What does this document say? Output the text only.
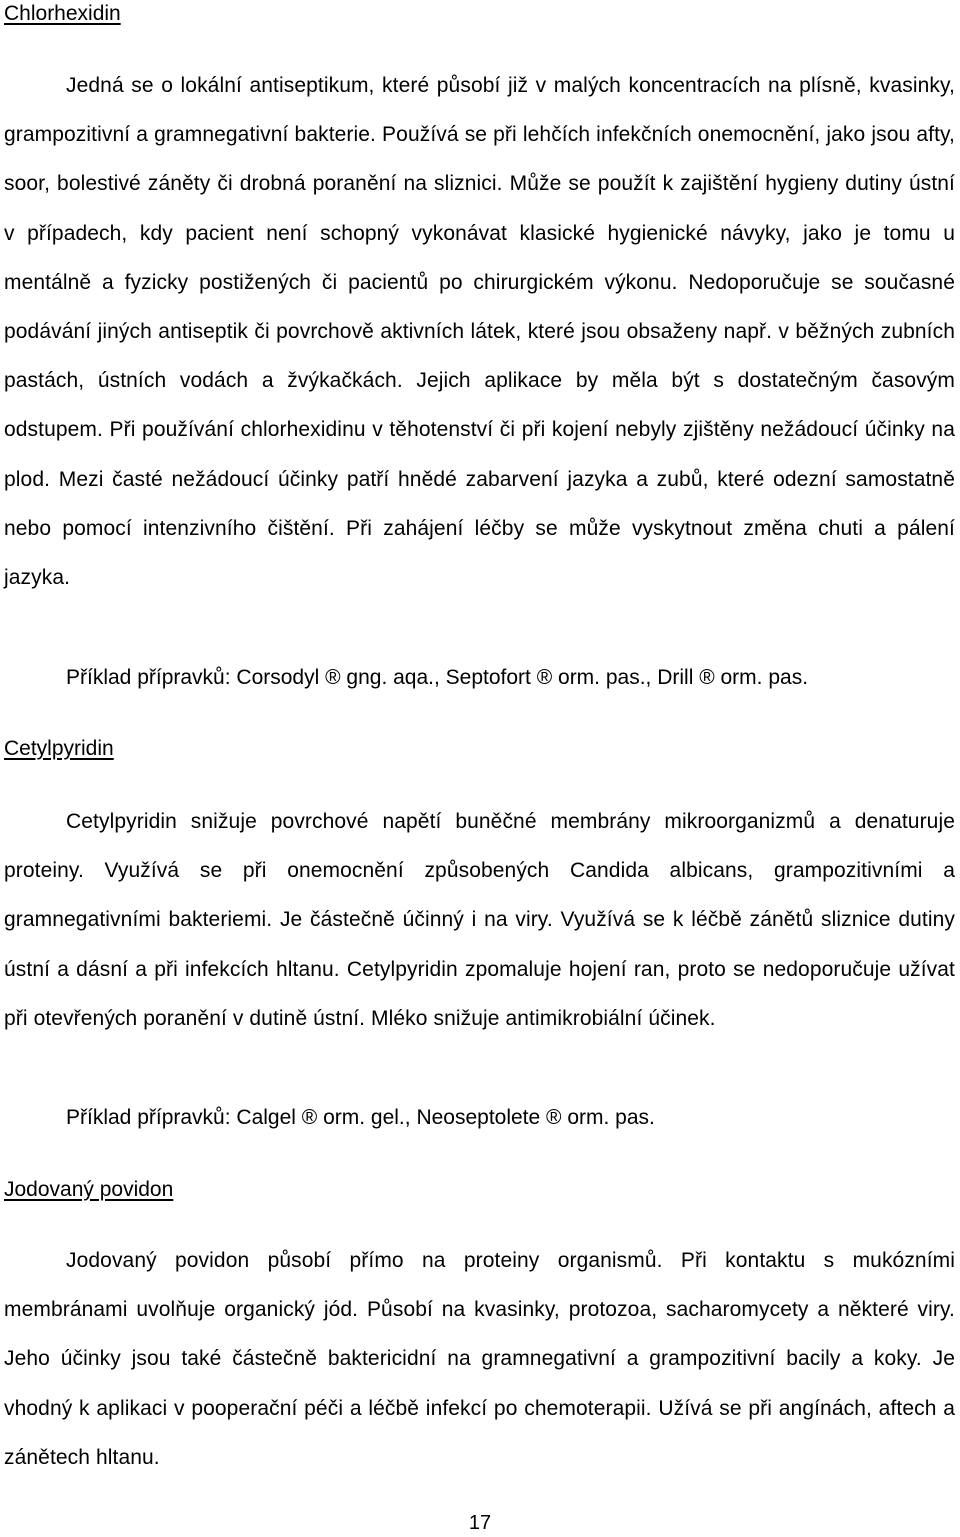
Chlorhexidin
Jedná se o lokální antiseptikum, které působí již v malých koncentracích na plísně, kvasinky, grampozitivní a gramnegativní bakterie. Používá se při lehčích infekčních onemocnění, jako jsou afty, soor, bolestivé záněty či drobná poranění na sliznici. Může se použít k zajištění hygieny dutiny ústní v případech, kdy pacient není schopný vykonávat klasické hygienické návyky, jako je tomu u mentálně a fyzicky postižených či pacientů po chirurgickém výkonu. Nedoporučuje se současné podávání jiných antiseptik či povrchově aktivních látek, které jsou obsaženy např. v běžných zubních pastách, ústních vodách a žvýkačkách. Jejich aplikace by měla být s dostatečným časovým odstupem. Při používání chlorhexidinu v těhotenství či při kojení nebyly zjištěny nežádoucí účinky na plod. Mezi časté nežádoucí účinky patří hnědé zabarvení jazyka a zubů, které odezní samostatně nebo pomocí intenzivního čištění. Při zahájení léčby se může vyskytnout změna chuti a pálení jazyka.
Příklad přípravků: Corsodyl ® gng. aqa., Septofort ® orm. pas., Drill ® orm. pas.
Cetylpyridin
Cetylpyridin snižuje povrchové napětí buněčné membrány mikroorganizmů a denaturuje proteiny. Využívá se při onemocnění způsobených Candida albicans, grampozitivními a gramnegativními bakteriemi. Je částečně účinný i na viry. Využívá se k léčbě zánětů sliznice dutiny ústní a dásní a při infekcích hltanu. Cetylpyridin zpomaluje hojení ran, proto se nedoporučuje užívat při otevřených poranění v dutině ústní. Mléko snižuje antimikrobiální účinek.
Příklad přípravků: Calgel ® orm. gel., Neoseptolete ® orm. pas.
Jodovaný povidon
Jodovaný povidon působí přímo na proteiny organismů. Při kontaktu s mukózními membránami uvolňuje organický jód. Působí na kvasinky, protozoa, sacharomycety a některé viry. Jeho účinky jsou také částečně baktericidní na gramnegativní a grampozitivní bacily a koky. Je vhodný k aplikaci v pooperační péči a léčbě infekcí po chemoterapii. Užívá se při angínách, aftech a zánětech hltanu.
17
